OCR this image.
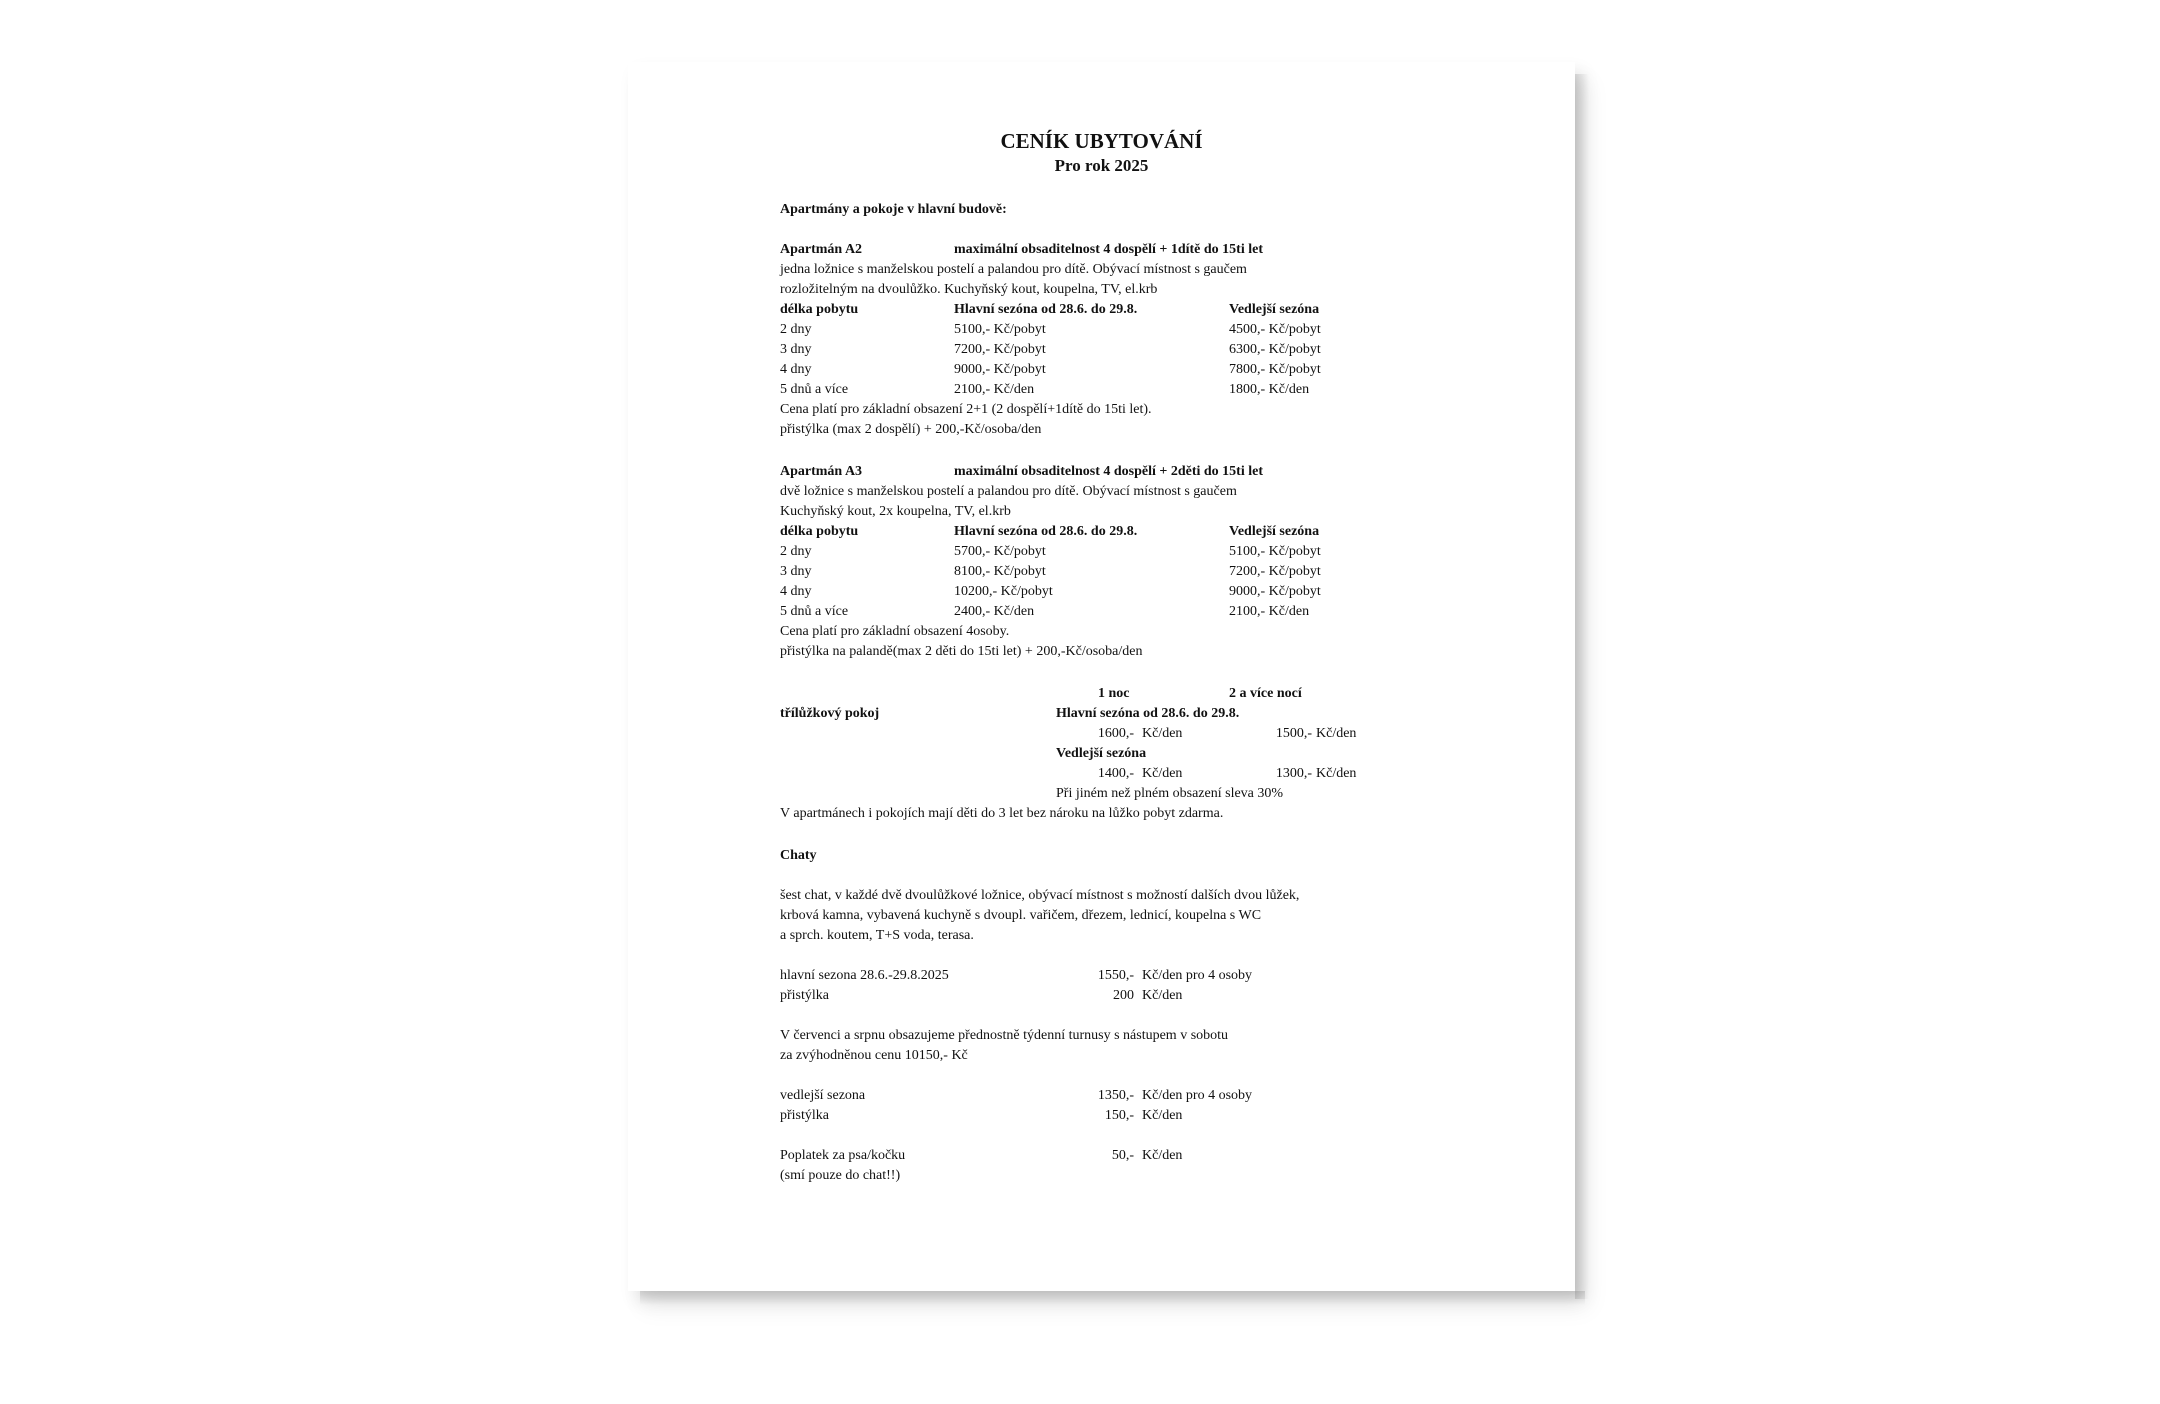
CENÍK UBYTOVÁNÍ
Pro rok 2025
Apartmány a pokoje v hlavní budově:
Apartmán A2	maximální obsaditelnost 4 dospělí + 1dítě do 15ti let
jedna ložnice s manželskou postelí a palandou pro dítě. Obývací místnost s gaučem
rozložitelným na dvoulůžko. Kuchyňský kout, koupelna, TV, el.krb
délka pobytu	Hlavní sezóna od 28.6. do 29.8.	Vedlejší sezóna
2 dny	5100,- Kč/pobyt	4500,- Kč/pobyt
3 dny	7200,- Kč/pobyt	6300,- Kč/pobyt
4 dny	9000,- Kč/pobyt	7800,- Kč/pobyt
5 dnů a více	2100,- Kč/den	1800,- Kč/den
Cena platí pro základní obsazení 2+1 (2 dospělí+1dítě do 15ti let).
přistýlka (max 2 dospělí) + 200,-Kč/osoba/den
Apartmán A3	maximální obsaditelnost 4 dospělí + 2děti do 15ti let
dvě ložnice s manželskou postelí a palandou pro dítě. Obývací místnost s gaučem
Kuchyňský kout, 2x koupelna, TV, el.krb
délka pobytu	Hlavní sezóna od 28.6. do 29.8.	Vedlejší sezóna
2 dny	5700,- Kč/pobyt	5100,- Kč/pobyt
3 dny	8100,- Kč/pobyt	7200,- Kč/pobyt
4 dny	10200,- Kč/pobyt	9000,- Kč/pobyt
5 dnů a více	2400,- Kč/den	2100,- Kč/den
Cena platí pro základní obsazení 4osoby.
přistýlka na palandě(max 2 děti do 15ti let) + 200,-Kč/osoba/den
1 noc	2 a více nocí
třílůžkový pokoj	Hlavní sezóna od 28.6. do 29.8.
1600,- Kč/den	1500,- Kč/den
Vedlejší sezóna
1400,- Kč/den	1300,- Kč/den
Při jiném než plném obsazení sleva 30%
V apartmánech i pokojích mají děti do 3 let bez nároku na lůžko pobyt zdarma.
Chaty
šest chat, v každé dvě dvoulůžkové ložnice, obývací místnost s možností dalších dvou lůžek,
krbová kamna, vybavená kuchyně s dvoupl. vařičem, dřezem, lednicí, koupelna s WC
a sprch. koutem, T+S voda, terasa.
hlavní sezona 28.6.-29.8.2025	1550,- Kč/den pro 4 osoby
přistýlka	200 Kč/den
V červenci a srpnu obsazujeme přednostně týdenní turnusy s nástupem v sobotu
za zvýhodněnou cenu 10150,- Kč
vedlejší sezona	1350,- Kč/den pro 4 osoby
přistýlka	150,- Kč/den
Poplatek za psa/kočku	50,- Kč/den
(smí pouze do chat!!)
